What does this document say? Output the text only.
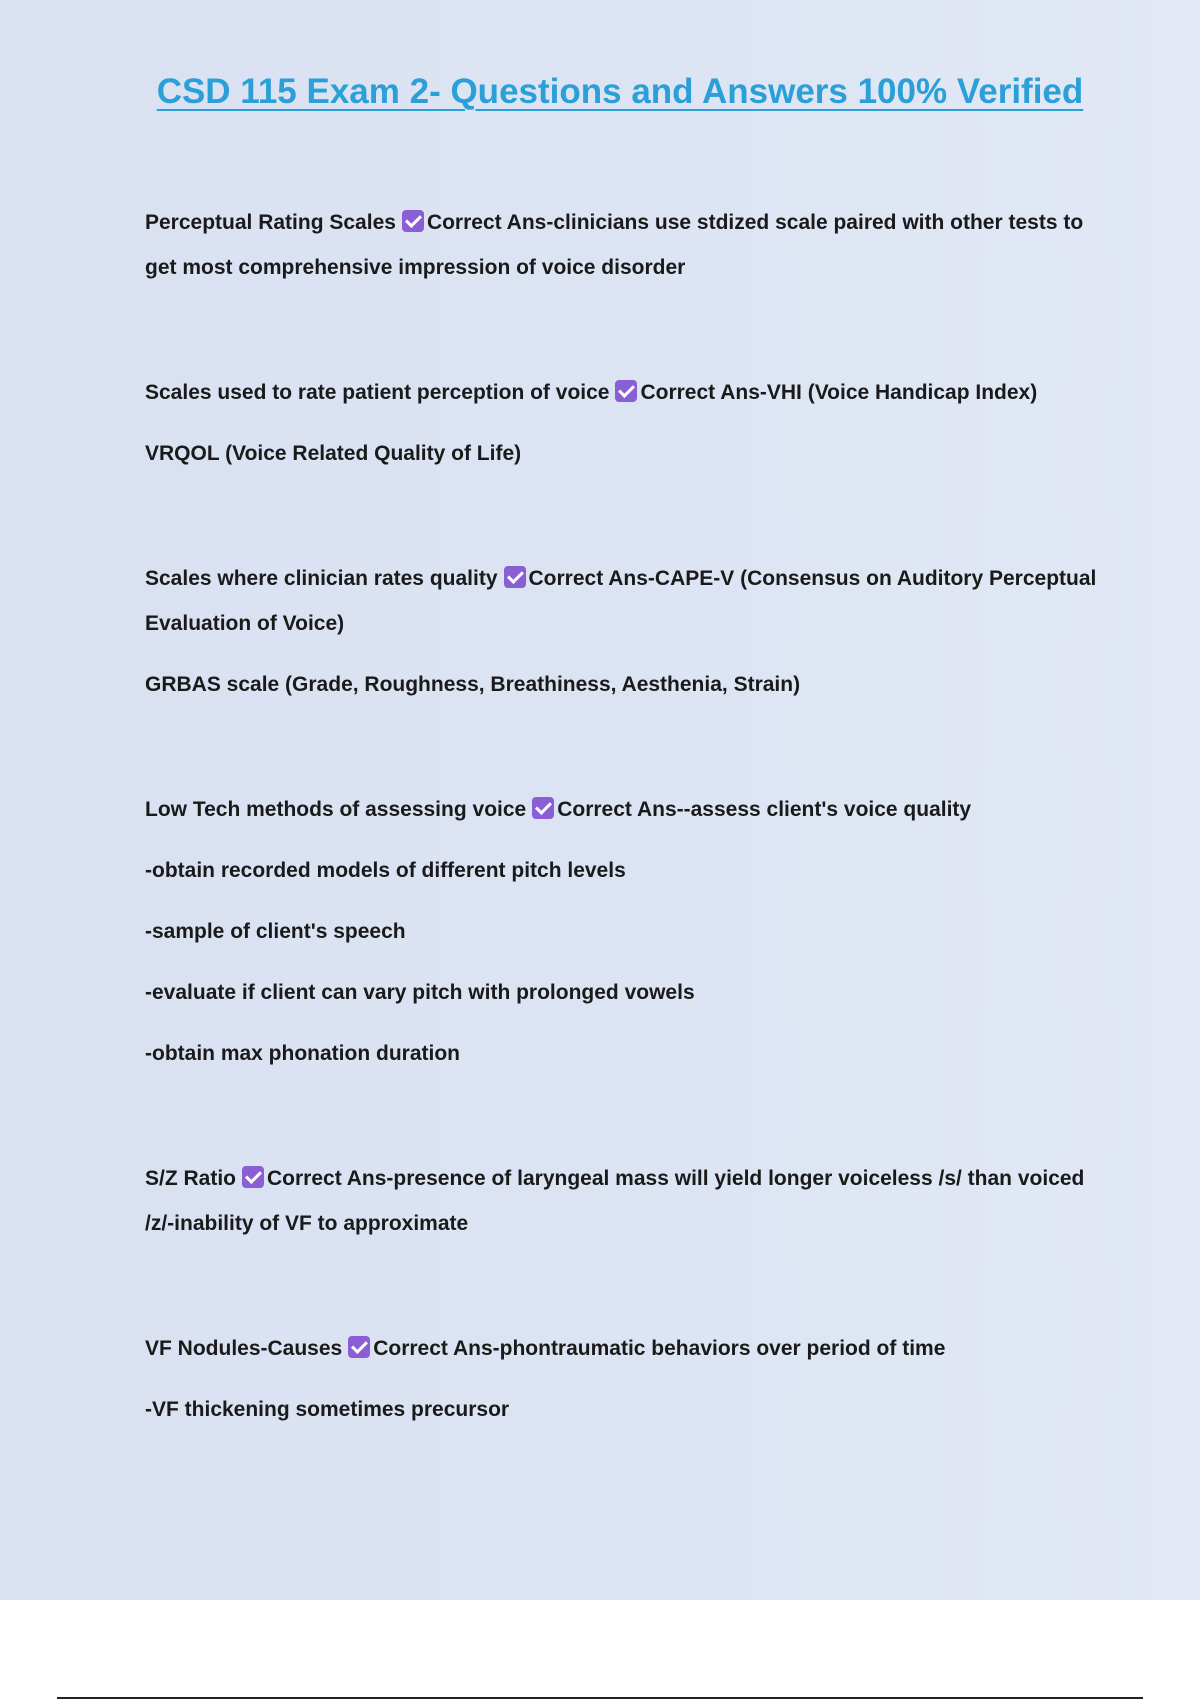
CSD 115 Exam 2- Questions and Answers 100% Verified

Perceptual Rating Scales Correct Ans-clinicians use stdized scale paired with other tests to

get most comprehensive impression of voice disorder

Scales used to rate patient perception of voice Correct Ans-VHI (Voice Handicap Index)

VRQOL (Voice Related Quality of Life)

Scales where clinician rates quality Correct Ans-CAPE-V (Consensus on Auditory Perceptual

Evaluation of Voice)

GRBAS scale (Grade, Roughness, Breathiness, Aesthenia, Strain)

Low Tech methods of assessing voice Correct Ans--assess client's voice quality

-obtain recorded models of different pitch levels

-sample of client's speech

-evaluate if client can vary pitch with prolonged vowels

-obtain max phonation duration

S/Z Ratio Correct Ans-presence of laryngeal mass will yield longer voiceless /s/ than voiced

/z/-inability of VF to approximate

VF Nodules-Causes Correct Ans-phontraumatic behaviors over period of time

-VF thickening sometimes precursor
